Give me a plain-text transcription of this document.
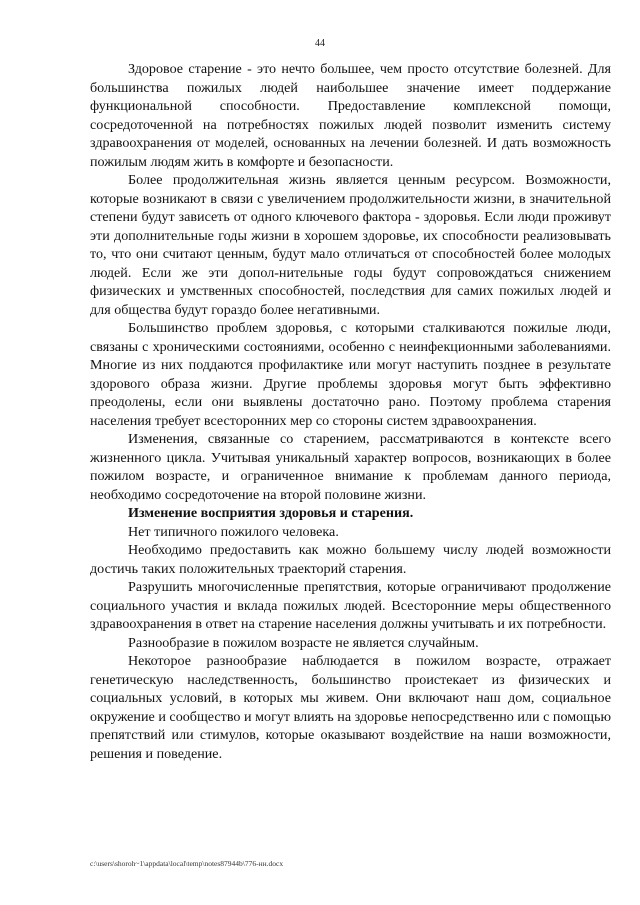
44

Здоровое старение - это нечто большее, чем просто отсутствие болезней. Для большинства пожилых людей наибольшее значение имеет поддержание функциональной способности. Предоставление комплексной помощи, сосредоточенной на потребностях пожилых людей позволит изменить систему здравоохранения от моделей, основанных на лечении болезней. И дать возможность пожилым людям жить в комфорте и безопасности.

Более продолжительная жизнь является ценным ресурсом. Возможности, которые возникают в связи с увеличением продолжительности жизни, в значительной степени будут зависеть от одного ключевого фактора - здоровья. Если люди проживут эти дополнительные годы жизни в хорошем здоровье, их способности реализовывать то, что они считают ценным, будут мало отличаться от способностей более молодых людей. Если же эти допол-нительные годы будут сопровождаться снижением физических и умственных способностей, последствия для самих пожилых людей и для общества будут гораздо более негативными.

Большинство проблем здоровья, с которыми сталкиваются пожилые люди, связаны с хроническими состояниями, особенно с неинфекционными заболеваниями. Многие из них поддаются профилактике или могут наступить позднее в результате здорового образа жизни. Другие проблемы здоровья могут быть эффективно преодолены, если они выявлены достаточно рано. Поэтому проблема старения населения требует всесторонних мер со стороны систем здравоохранения.

Изменения, связанные со старением, рассматриваются в контексте всего жизненного цикла. Учитывая уникальный характер вопросов, возникающих в более пожилом возрасте, и ограниченное внимание к проблемам данного периода, необходимо сосредоточение на второй половине жизни.

Изменение восприятия здоровья и старения.

Нет типичного пожилого человека.

Необходимо предоставить как можно большему числу людей возможности достичь таких положительных траекторий старения.

Разрушить многочисленные препятствия, которые ограничивают продолжение социального участия и вклада пожилых людей. Всесторонние меры общественного здравоохранения в ответ на старение населения должны учитывать и их потребности.

Разнообразие в пожилом возрасте не является случайным.

Некоторое разнообразие наблюдается в пожилом возрасте, отражает генетическую наследственность, большинство проистекает из физических и социальных условий, в которых мы живем. Они включают наш дом, социальное окружение и сообщество и могут влиять на здоровье непосредственно или с помощью препятствий или стимулов, которые оказывают воздействие на наши возможности, решения и поведение.

c:\users\shoroh~1\appdata\local\temp\notes87944b\776-нн.docx
